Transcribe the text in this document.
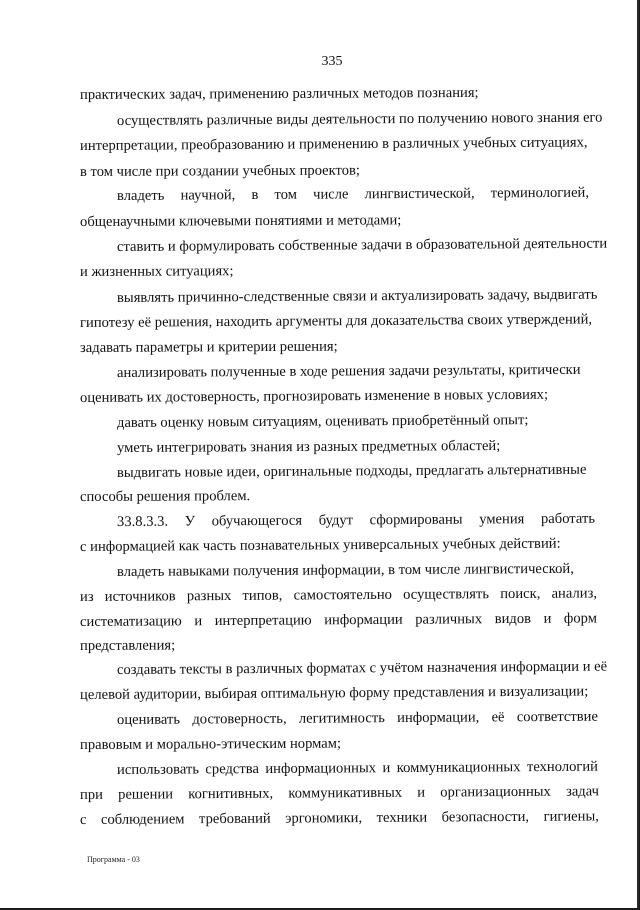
335
практических задач, применению различных методов познания;
осуществлять различные виды деятельности по получению нового знания его
интерпретации, преобразованию и применению в различных учебных ситуациях,
в том числе при создании учебных проектов;
владеть научной, в том числе лингвистической, терминологией,
общенаучными ключевыми понятиями и методами;
ставить и формулировать собственные задачи в образовательной деятельности
и жизненных ситуациях;
выявлять причинно-следственные связи и актуализировать задачу, выдвигать
гипотезу её решения, находить аргументы для доказательства своих утверждений,
задавать параметры и критерии решения;
анализировать полученные в ходе решения задачи результаты, критически
оценивать их достоверность, прогнозировать изменение в новых условиях;
давать оценку новым ситуациям, оценивать приобретённый опыт;
уметь интегрировать знания из разных предметных областей;
выдвигать новые идеи, оригинальные подходы, предлагать альтернативные
способы решения проблем.
33.8.3.3. У обучающегося будут сформированы умения работать
с информацией как часть познавательных универсальных учебных действий:
владеть навыками получения информации, в том числе лингвистической,
из источников разных типов, самостоятельно осуществлять поиск, анализ,
систематизацию и интерпретацию информации различных видов и форм
представления;
создавать тексты в различных форматах с учётом назначения информации и её
целевой аудитории, выбирая оптимальную форму представления и визуализации;
оценивать достоверность, легитимность информации, её соответствие
правовым и морально-этическим нормам;
использовать средства информационных и коммуникационных технологий
при решении когнитивных, коммуникативных и организационных задач
с соблюдением требований эргономики, техники безопасности, гигиены,
Программа - 03
